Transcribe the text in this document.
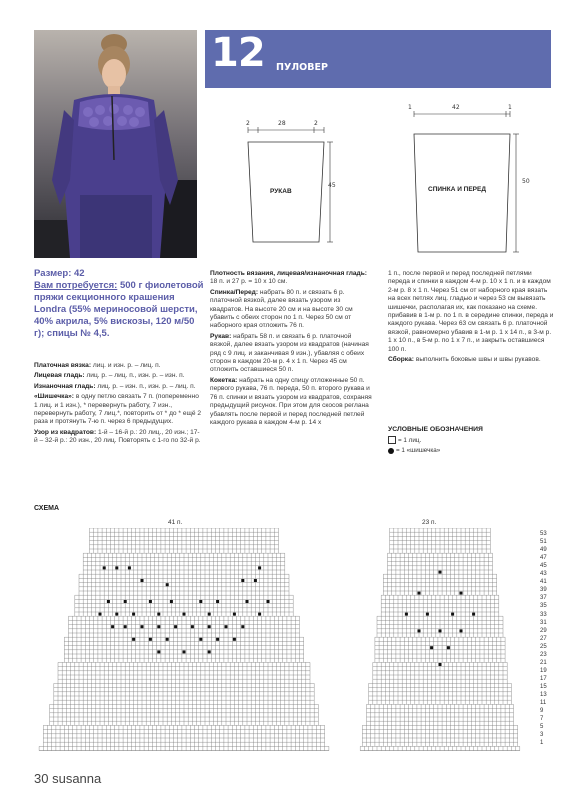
12 ПУЛОВЕР
2	28	2
45
РУКАВ
1	42	1
50
СПИНКА И ПЕРЕД
Размер: 42
Вам потребуется: 500 г фиолетовой пряжи секционного крашения Londra (55% мериносовой шерсти, 40% акрила, 5% вискозы, 120 м/50 г); спицы № 4,5.

Платочная вязка: лиц. и изн. р. – лиц. п.

Лицевая гладь: лиц. р. – лиц. п., изн. р. – изн. п.

Изнаночная гладь: лиц. р. – изн. п., изн. р. – лиц. п.

«Шишечка»: в одну петлю связать 7 п. (попеременно 1 лиц. и 1 изн.), * перевернуть работу, 7 изн., перевернуть работу, 7 лиц.*, повторить от * до * ещё 2 раза и протянуть 7-ю п. через 6 предыдущих.

Узор из квадратов: 1-й – 16-й р.: 20 лиц., 20 изн.; 17-й – 32-й р.: 20 изн., 20 лиц. Повторять с 1-го по 32-й р.

Плотность вязания, лицевая/изнаночная гладь: 18 п. и 27 р. = 10 х 10 см.

Спинка/Перед: набрать 80 п. и связать 6 р. платочной вязкой, далее вязать узором из квадратов. На высоте 20 см и на высоте 30 см убавить с обеих сторон по 1 п. Через 50 см от наборного края отложить 76 п.

Рукав: набрать 58 п. и связать 6 р. платочной вязкой, далее вязать узором из квадратов (начиная ряд с 9 лиц. и заканчивая 9 изн.), убавляя с обеих сторон в каждом 20-м р. 4 х 1 п. Через 45 см отложить оставшиеся 50 п.

Кокетка: набрать на одну спицу отложенные 50 п. первого рукава, 76 п. переда, 50 п. второго рукава и 76 п. спинки и вязать узором из квадратов, сохраняя предыдущий рисунок. При этом для скосов реглана убавлять после первой и перед последней петлей каждого рукава в каждом 4-м р. 14 х

1 п., после первой и перед последней петлями переда и спинки в каждом 4-м р. 10 х 1 п. и в каждом 2-м р. 8 х 1 п. Через 51 см от наборного края вязать на всех петлях лиц. гладью и через 53 см вывязать шишечки, располагая их, как показано на схеме. прибавив в 1-м р. по 1 п. в середине спинки, переда и каждого рукава. Через 63 см связать 6 р. платочной вязкой, равномерно убавив в 1-м р. 1 х 14 п., в 3-м р. 1 х 10 п., в 5-м р. по 1 х 7 п., и закрыть оставшиеся 100 п.

Сборка: выполнить боковые швы и швы рукавов.

УСЛОВНЫЕ ОБОЗНАЧЕНИЯ
= 1 лиц.
= 1 «шишечка»
СХЕМА
41 п.	23 п.
53
51
49
47
45
43
41
39
37
35
33
31
29
27
25
23
21
19
17
15
13
11
9
7
5
3
1
30 susanna
